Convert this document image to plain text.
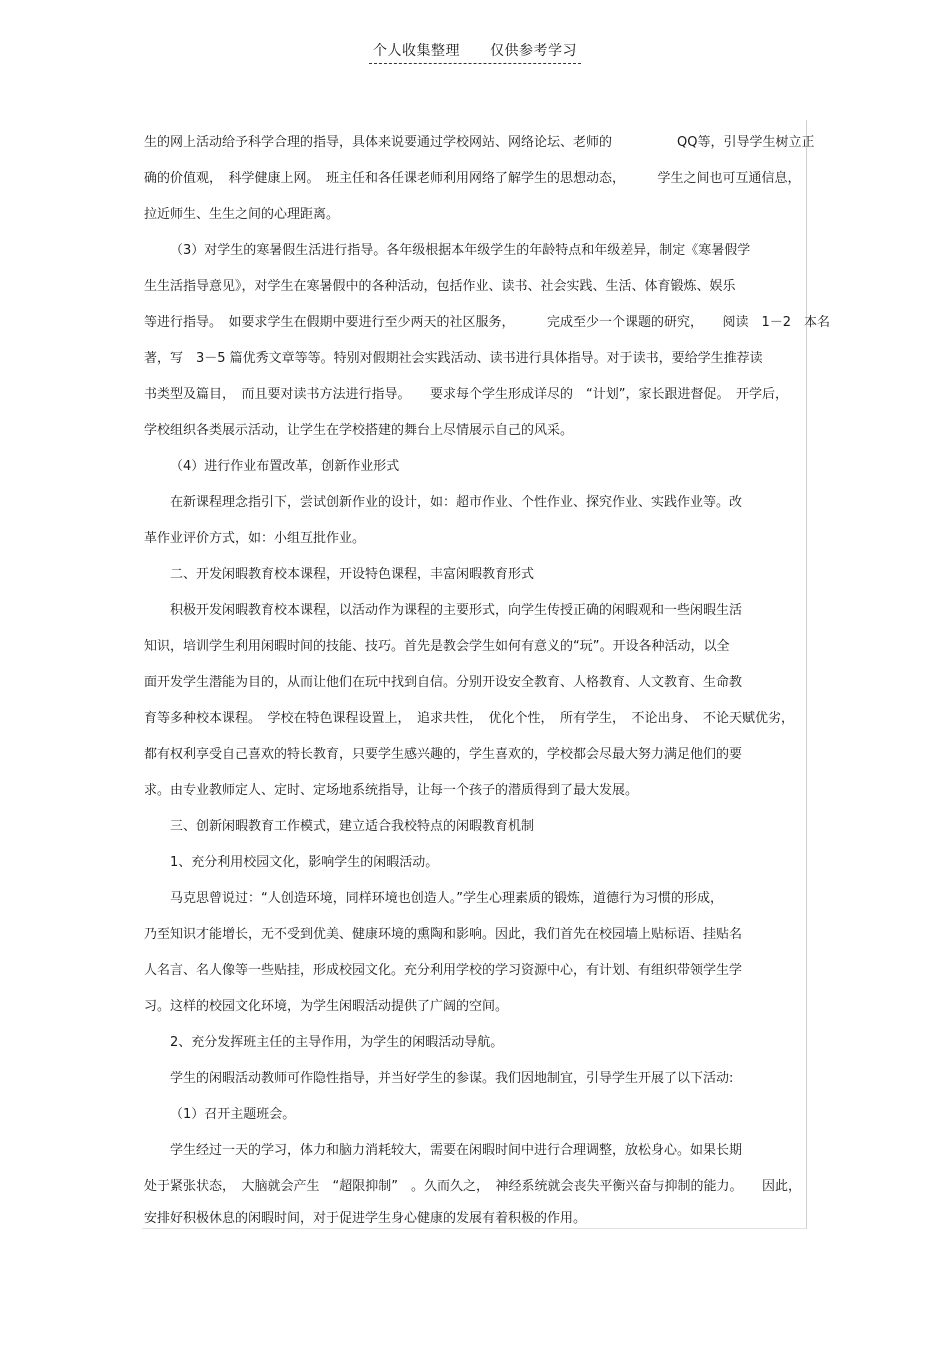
个人收集整理 仅供参考学习
生的网上活动给予科学合理的指导，具体来说要通过学校网站、网络论坛、老师的　　　　　QQ等，引导学生树立正
确的价值观，　科学健康上网。　班主任和各任课老师利用网络了解学生的思想动态，　　　学生之间也可互通信息，
拉近师生、生生之间的心理距离。
（3）对学生的寒暑假生活进行指导。各年级根据本年级学生的年龄特点和年级差异，制定《寒暑假学
生生活指导意见》，对学生在寒暑假中的各种活动，包括作业、读书、社会实践、生活、体育锻炼、娱乐
等进行指导。　如要求学生在假期中要进行至少两天的社区服务，　　　完成至少一个课题的研究，　　阅读　1－2　本名
著，写　3－5 篇优秀文章等等。特别对假期社会实践活动、读书进行具体指导。对于读书，要给学生推荐读
书类型及篇目，　而且要对读书方法进行指导。　　要求每个学生形成详尽的　“计划”，家长跟进督促。　开学后，
学校组织各类展示活动，让学生在学校搭建的舞台上尽情展示自己的风采。
（4）进行作业布置改革，创新作业形式
在新课程理念指引下，尝试创新作业的设计，如：超市作业、个性作业、探究作业、实践作业等。改
革作业评价方式，如：小组互批作业。
二、开发闲暇教育校本课程，开设特色课程，丰富闲暇教育形式
积极开发闲暇教育校本课程，以活动作为课程的主要形式，向学生传授正确的闲暇观和一些闲暇生活
知识，培训学生利用闲暇时间的技能、技巧。首先是教会学生如何有意义的“玩”。开设各种活动，以全
面开发学生潜能为目的，从而让他们在玩中找到自信。分别开设安全教育、人格教育、人文教育、生命教
育等多种校本课程。　学校在特色课程设置上，　追求共性，　优化个性，　所有学生，　不论出身、　不论天赋优劣，
都有权利享受自己喜欢的特长教育，只要学生感兴趣的，学生喜欢的，学校都会尽最大努力满足他们的要
求。由专业教师定人、定时、定场地系统指导，让每一个孩子的潜质得到了最大发展。
三、创新闲暇教育工作模式，建立适合我校特点的闲暇教育机制
1、充分利用校园文化，影响学生的闲暇活动。
马克思曾说过：“人创造环境，同样环境也创造人。”学生心理素质的锻炼，道德行为习惯的形成，
乃至知识才能增长，无不受到优美、健康环境的熏陶和影响。因此，我们首先在校园墙上贴标语、挂贴名
人名言、名人像等一些贴挂，形成校园文化。充分利用学校的学习资源中心，有计划、有组织带领学生学
习。这样的校园文化环境，为学生闲暇活动提供了广阔的空间。
2、充分发挥班主任的主导作用，为学生的闲暇活动导航。
学生的闲暇活动教师可作隐性指导，并当好学生的参谋。我们因地制宜，引导学生开展了以下活动:
（1）召开主题班会。
学生经过一天的学习，体力和脑力消耗较大，需要在闲暇时间中进行合理调整，放松身心。如果长期
处于紧张状态，　大脑就会产生　“超限抑制”　。久而久之，　神经系统就会丧失平衡兴奋与抑制的能力。　　因此，
安排好积极休息的闲暇时间，对于促进学生身心健康的发展有着积极的作用。
